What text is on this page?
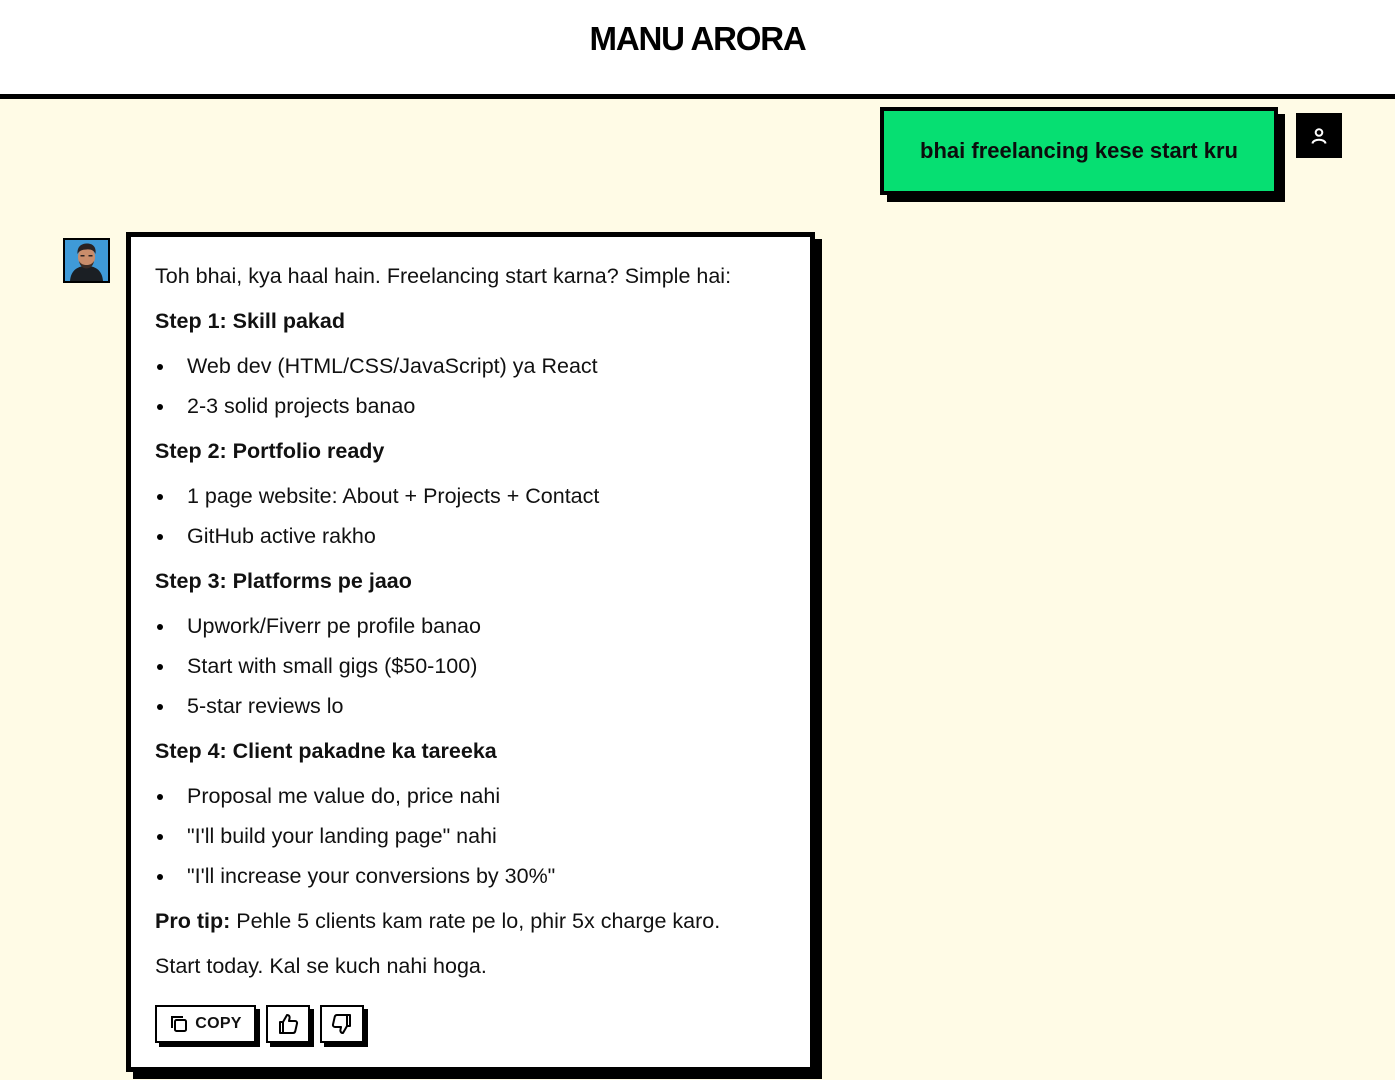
MANU ARORA
bhai freelancing kese start kru

Toh bhai, kya haal hain. Freelancing start karna? Simple hai:

Step 1: Skill pakad
Web dev (HTML/CSS/JavaScript) ya React
2-3 solid projects banao
Step 2: Portfolio ready
1 page website: About + Projects + Contact
GitHub active rakho
Step 3: Platforms pe jaao
Upwork/Fiverr pe profile banao
Start with small gigs ($50-100)
5-star reviews lo
Step 4: Client pakadne ka tareeka
Proposal me value do, price nahi
"I'll build your landing page" nahi
"I'll increase your conversions by 30%"

Pro tip: Pehle 5 clients kam rate pe lo, phir 5x charge karo.

Start today. Kal se kuch nahi hoga.

COPY
